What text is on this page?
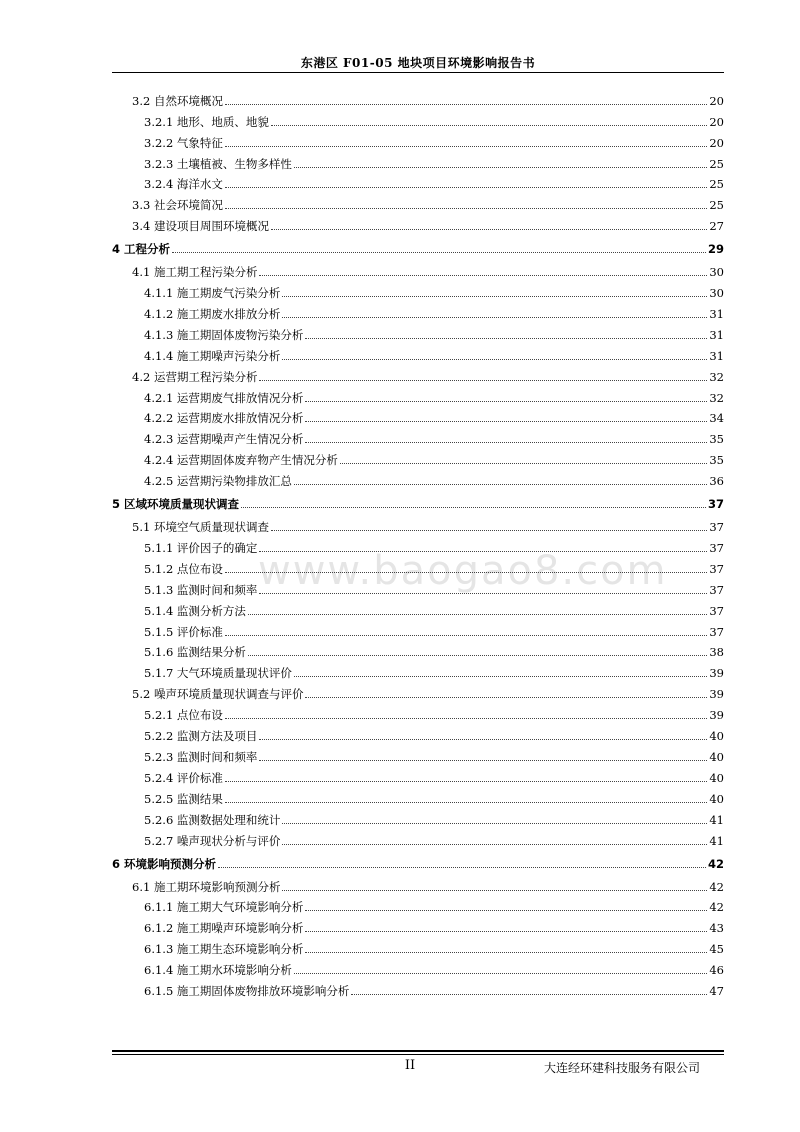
东港区 F01-05 地块项目环境影响报告书
www.baogao8.com
3.2 自然环境概况	20
3.2.1 地形、地质、地貌	20
3.2.2 气象特征	20
3.2.3 土壤植被、生物多样性	25
3.2.4 海洋水文	25
3.3 社会环境简况	25
3.4 建设项目周围环境概况	27
4 工程分析	29
4.1 施工期工程污染分析	30
4.1.1 施工期废气污染分析	30
4.1.2 施工期废水排放分析	31
4.1.3 施工期固体废物污染分析	31
4.1.4 施工期噪声污染分析	31
4.2 运营期工程污染分析	32
4.2.1 运营期废气排放情况分析	32
4.2.2 运营期废水排放情况分析	34
4.2.3 运营期噪声产生情况分析	35
4.2.4 运营期固体废弃物产生情况分析	35
4.2.5 运营期污染物排放汇总	36
5 区域环境质量现状调查	37
5.1 环境空气质量现状调查	37
5.1.1 评价因子的确定	37
5.1.2 点位布设	37
5.1.3 监测时间和频率	37
5.1.4 监测分析方法	37
5.1.5 评价标准	37
5.1.6 监测结果分析	38
5.1.7 大气环境质量现状评价	39
5.2 噪声环境质量现状调查与评价	39
5.2.1 点位布设	39
5.2.2 监测方法及项目	40
5.2.3 监测时间和频率	40
5.2.4 评价标准	40
5.2.5 监测结果	40
5.2.6 监测数据处理和统计	41
5.2.7 噪声现状分析与评价	41
6 环境影响预测分析	42
6.1 施工期环境影响预测分析	42
6.1.1 施工期大气环境影响分析	42
6.1.2 施工期噪声环境影响分析	43
6.1.3 施工期生态环境影响分析	45
6.1.4 施工期水环境影响分析	46
6.1.5 施工期固体废物排放环境影响分析	47
II	大连经环建科技服务有限公司
